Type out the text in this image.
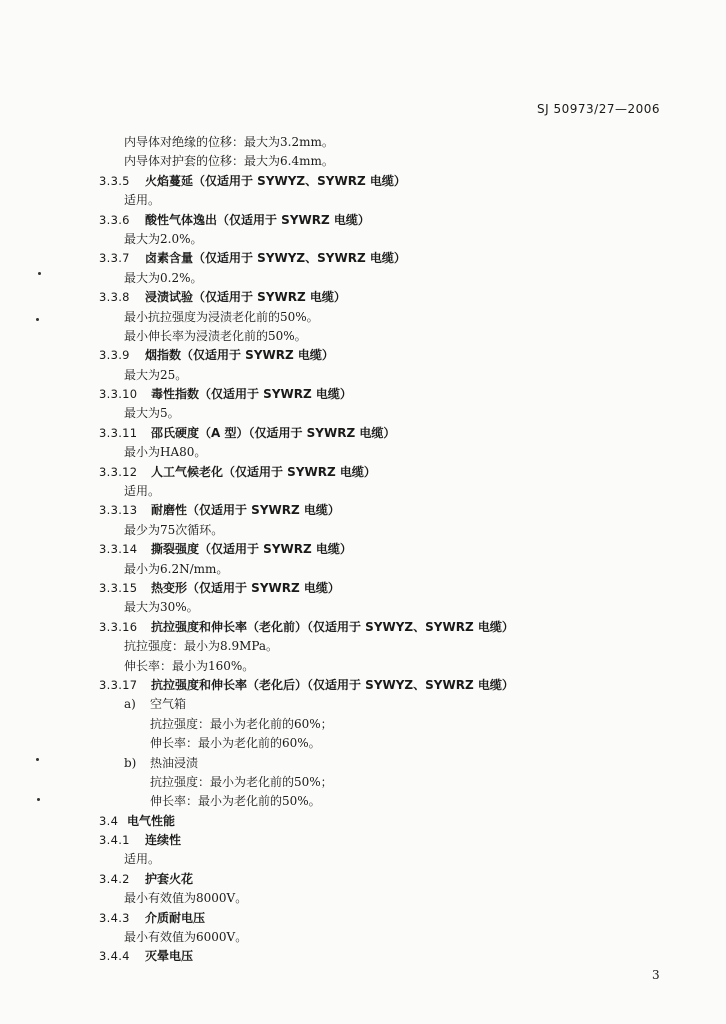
SJ 50973/27—2006
内导体对绝缘的位移：最大为3.2mm。
内导体对护套的位移：最大为6.4mm。
3.3.5 火焰蔓延（仅适用于 SYWYZ、SYWRZ 电缆）
适用。
3.3.6 酸性气体逸出（仅适用于 SYWRZ 电缆）
最大为2.0%。
3.3.7 卤素含量（仅适用于 SYWYZ、SYWRZ 电缆）
最大为0.2%。
3.3.8 浸渍试验（仅适用于 SYWRZ 电缆）
最小抗拉强度为浸渍老化前的50%。
最小伸长率为浸渍老化前的50%。
3.3.9 烟指数（仅适用于 SYWRZ 电缆）
最大为25。
3.3.10 毒性指数（仅适用于 SYWRZ 电缆）
最大为5。
3.3.11 邵氏硬度（A 型）（仅适用于 SYWRZ 电缆）
最小为HA80。
3.3.12 人工气候老化（仅适用于 SYWRZ 电缆）
适用。
3.3.13 耐磨性（仅适用于 SYWRZ 电缆）
最少为75次循环。
3.3.14 撕裂强度（仅适用于 SYWRZ 电缆）
最小为6.2N/mm。
3.3.15 热变形（仅适用于 SYWRZ 电缆）
最大为30%。
3.3.16 抗拉强度和伸长率（老化前）（仅适用于 SYWYZ、SYWRZ 电缆）
抗拉强度：最小为8.9MPa。
伸长率：最小为160%。
3.3.17 抗拉强度和伸长率（老化后）（仅适用于 SYWYZ、SYWRZ 电缆）
a) 空气箱
抗拉强度：最小为老化前的60%；
伸长率：最小为老化前的60%。
b) 热油浸渍
抗拉强度：最小为老化前的50%；
伸长率：最小为老化前的50%。
3.4 电气性能
3.4.1 连续性
适用。
3.4.2 护套火花
最小有效值为8000V。
3.4.3 介质耐电压
最小有效值为6000V。
3.4.4 灭晕电压
3
